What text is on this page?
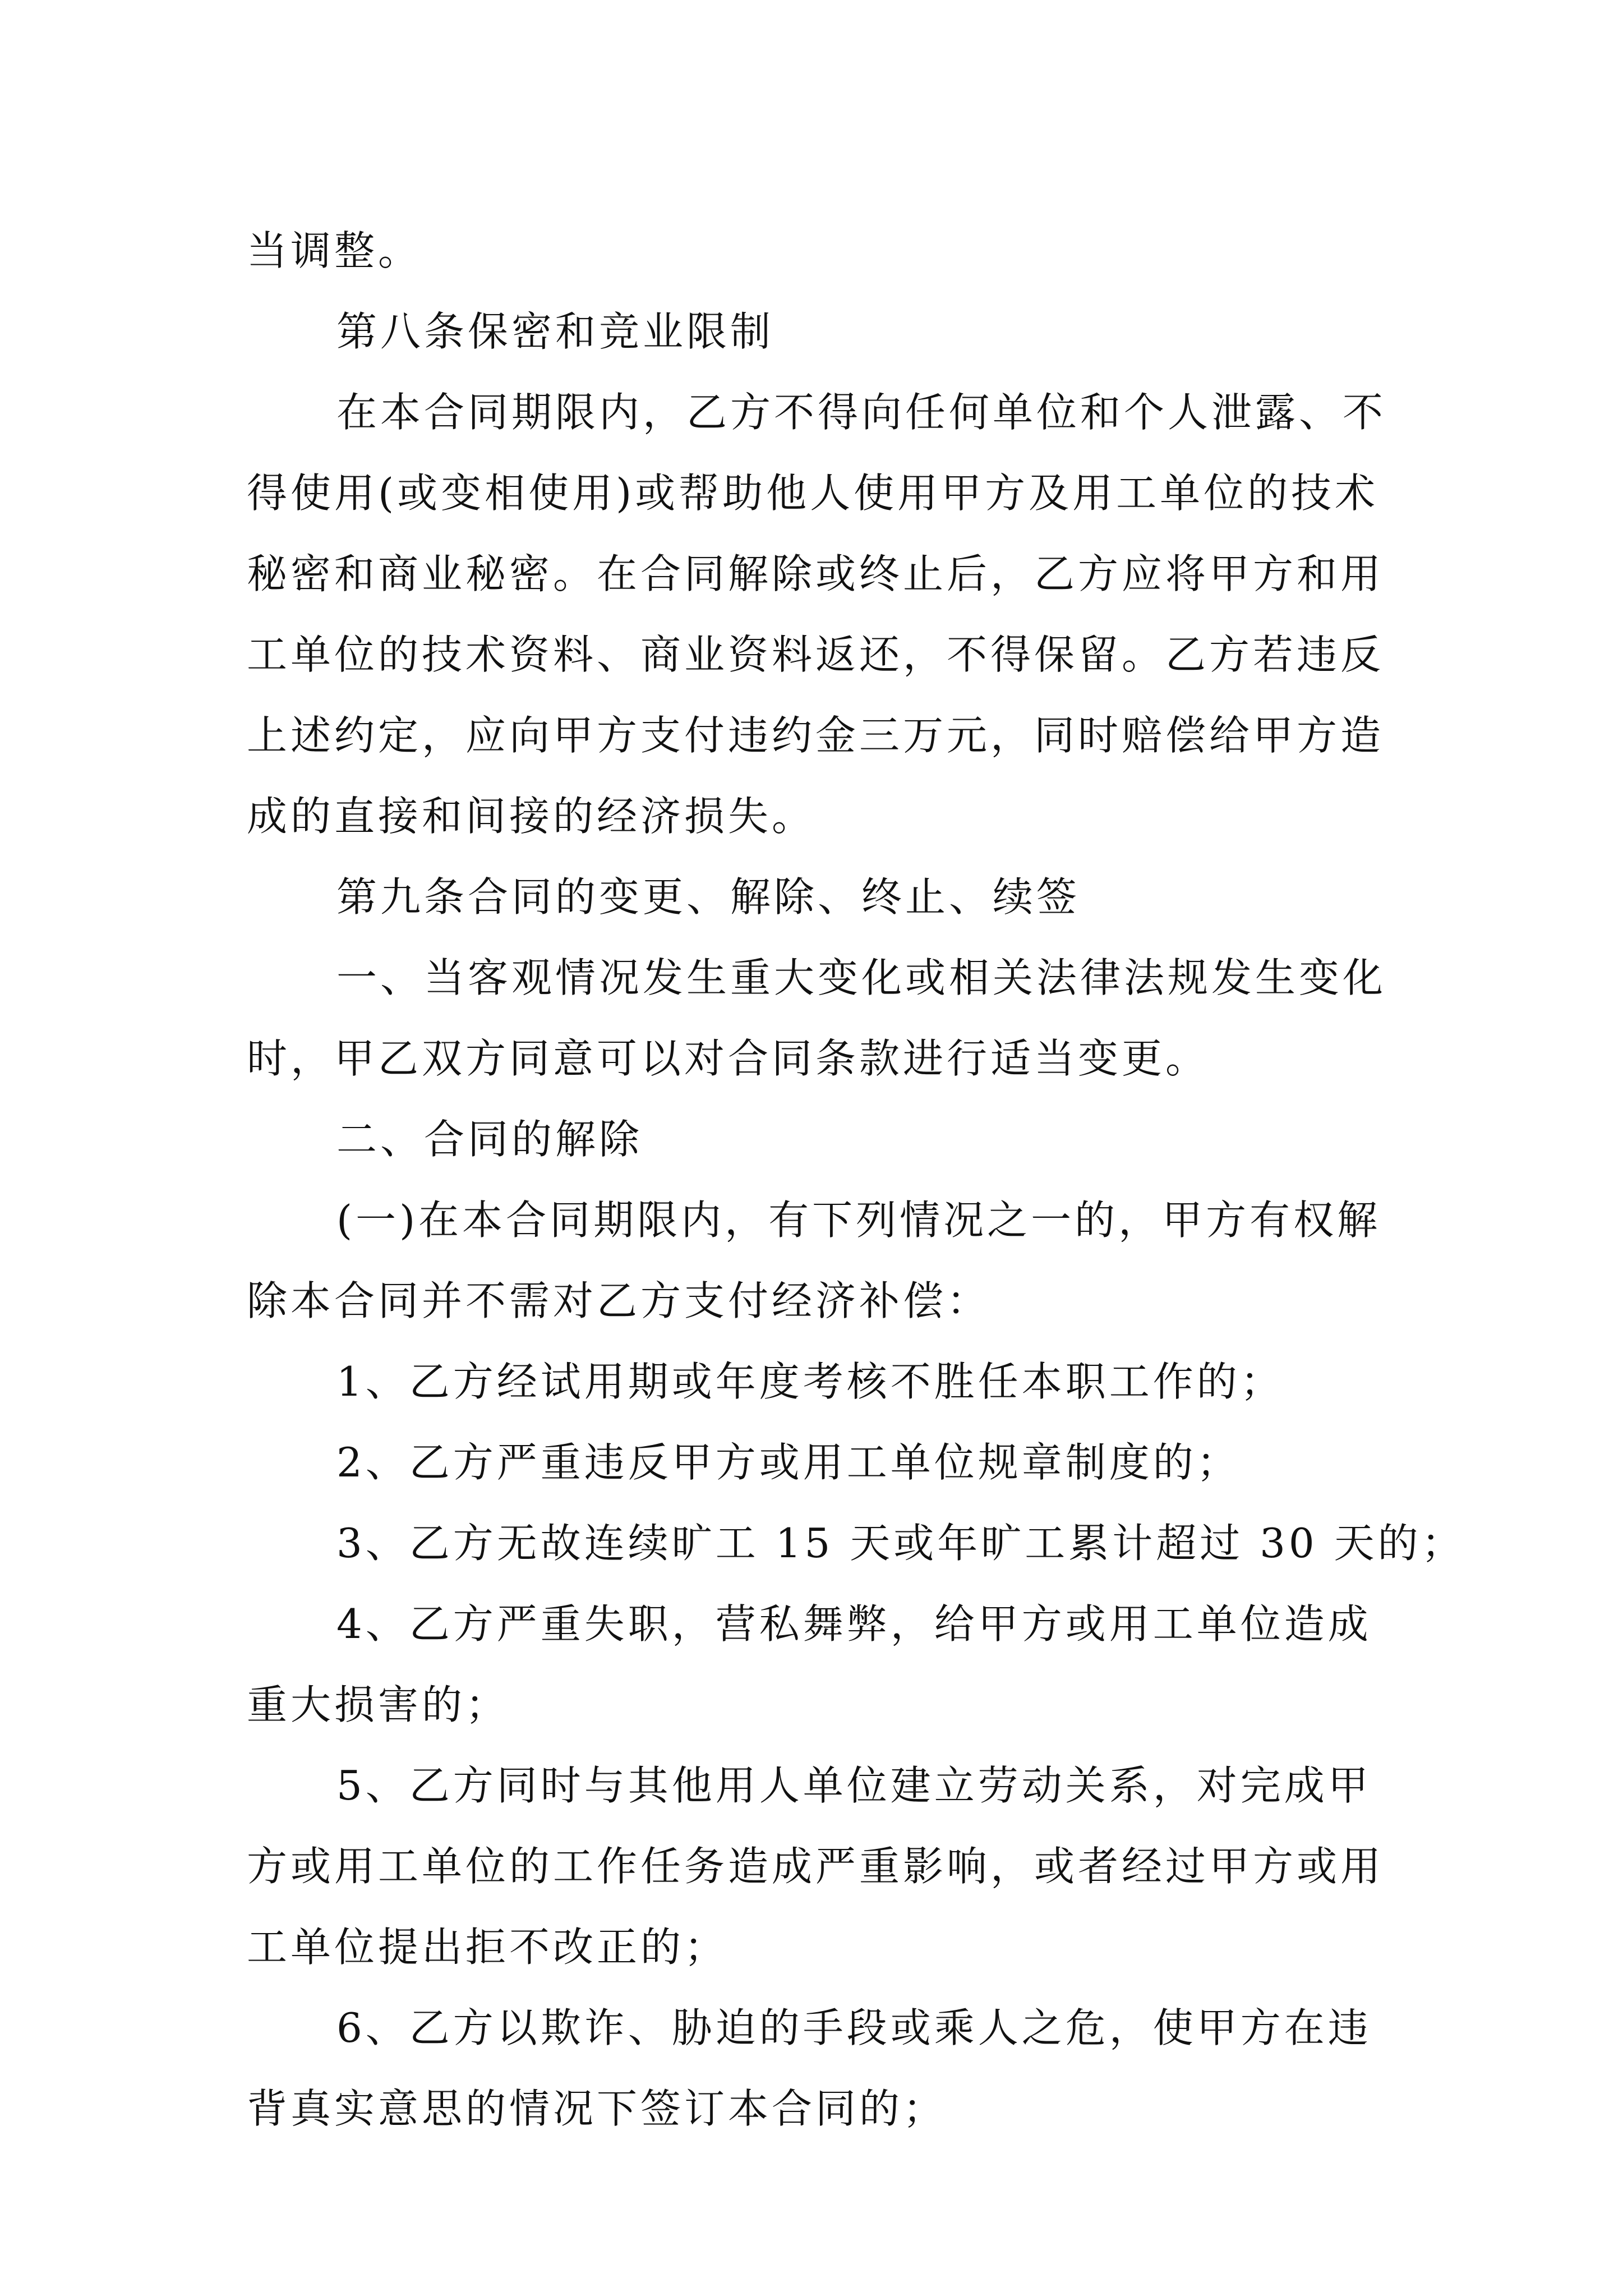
当调整。
第八条保密和竞业限制
在本合同期限内，乙方不得向任何单位和个人泄露、不
得使用(或变相使用)或帮助他人使用甲方及用工单位的技术
秘密和商业秘密。在合同解除或终止后，乙方应将甲方和用
工单位的技术资料、商业资料返还，不得保留。乙方若违反
上述约定，应向甲方支付违约金三万元，同时赔偿给甲方造
成的直接和间接的经济损失。
第九条合同的变更、解除、终止、续签
一、当客观情况发生重大变化或相关法律法规发生变化
时，甲乙双方同意可以对合同条款进行适当变更。
二、合同的解除
(一)在本合同期限内，有下列情况之一的，甲方有权解
除本合同并不需对乙方支付经济补偿：
1、乙方经试用期或年度考核不胜任本职工作的；
2、乙方严重违反甲方或用工单位规章制度的；
3、乙方无故连续旷工 15 天或年旷工累计超过 30 天的；
4、乙方严重失职，营私舞弊，给甲方或用工单位造成
重大损害的；
5、乙方同时与其他用人单位建立劳动关系，对完成甲
方或用工单位的工作任务造成严重影响，或者经过甲方或用
工单位提出拒不改正的；
6、乙方以欺诈、胁迫的手段或乘人之危，使甲方在违
背真实意思的情况下签订本合同的；
